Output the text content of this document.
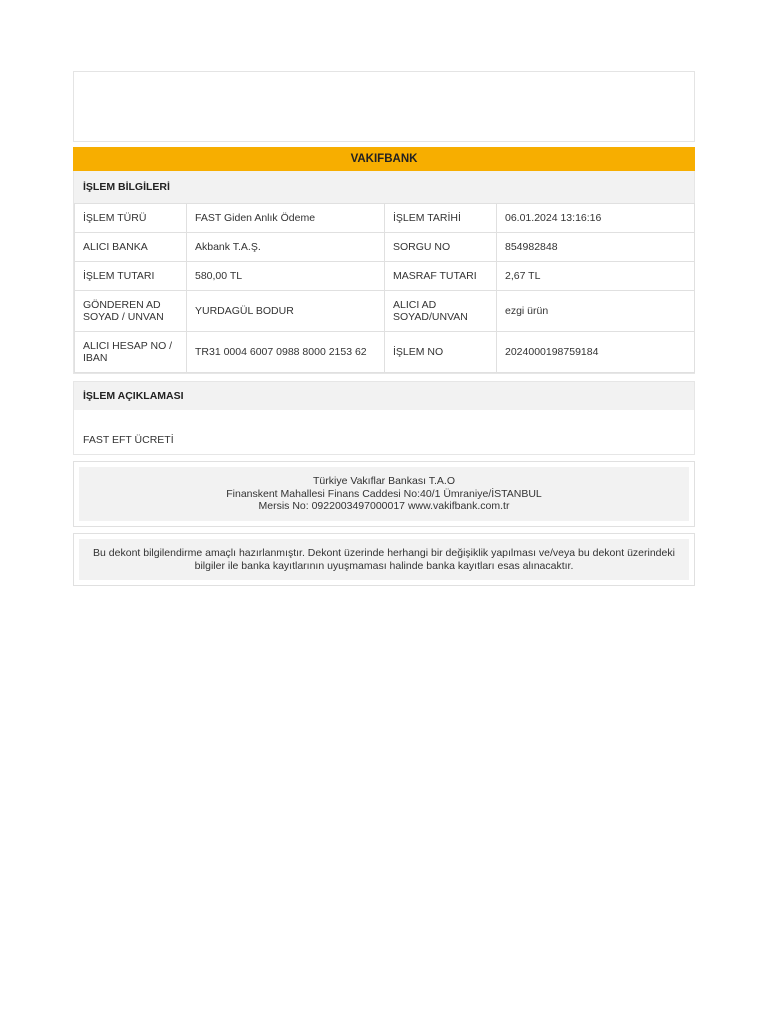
VAKIFBANK
İŞLEM BİLGİLERİ
İŞLEM TÜRÜ	FAST Giden Anlık Ödeme	İŞLEM TARİHİ	06.01.2024 13:16:16
ALICI BANKA	Akbank T.A.Ş.	SORGU NO	854982848
İŞLEM TUTARI	580,00 TL	MASRAF TUTARI	2,67 TL
GÖNDEREN AD SOYAD / UNVAN	YURDAGÜL BODUR	ALICI AD SOYAD/UNVAN	ezgi ürün
ALICI HESAP NO / IBAN	TR31 0004 6007 0988 8000 2153 62	İŞLEM NO	2024000198759184
İŞLEM AÇIKLAMASI
FAST EFT ÜCRETİ
Türkiye Vakıflar Bankası T.A.O
Finanskent Mahallesi Finans Caddesi No:40/1 Ümraniye/İSTANBUL
Mersis No: 0922003497000017 www.vakifbank.com.tr
Bu dekont bilgilendirme amaçlı hazırlanmıştır. Dekont üzerinde herhangi bir değişiklik yapılması ve/veya bu dekont üzerindeki bilgiler ile banka kayıtlarının uyuşmaması halinde banka kayıtları esas alınacaktır.
